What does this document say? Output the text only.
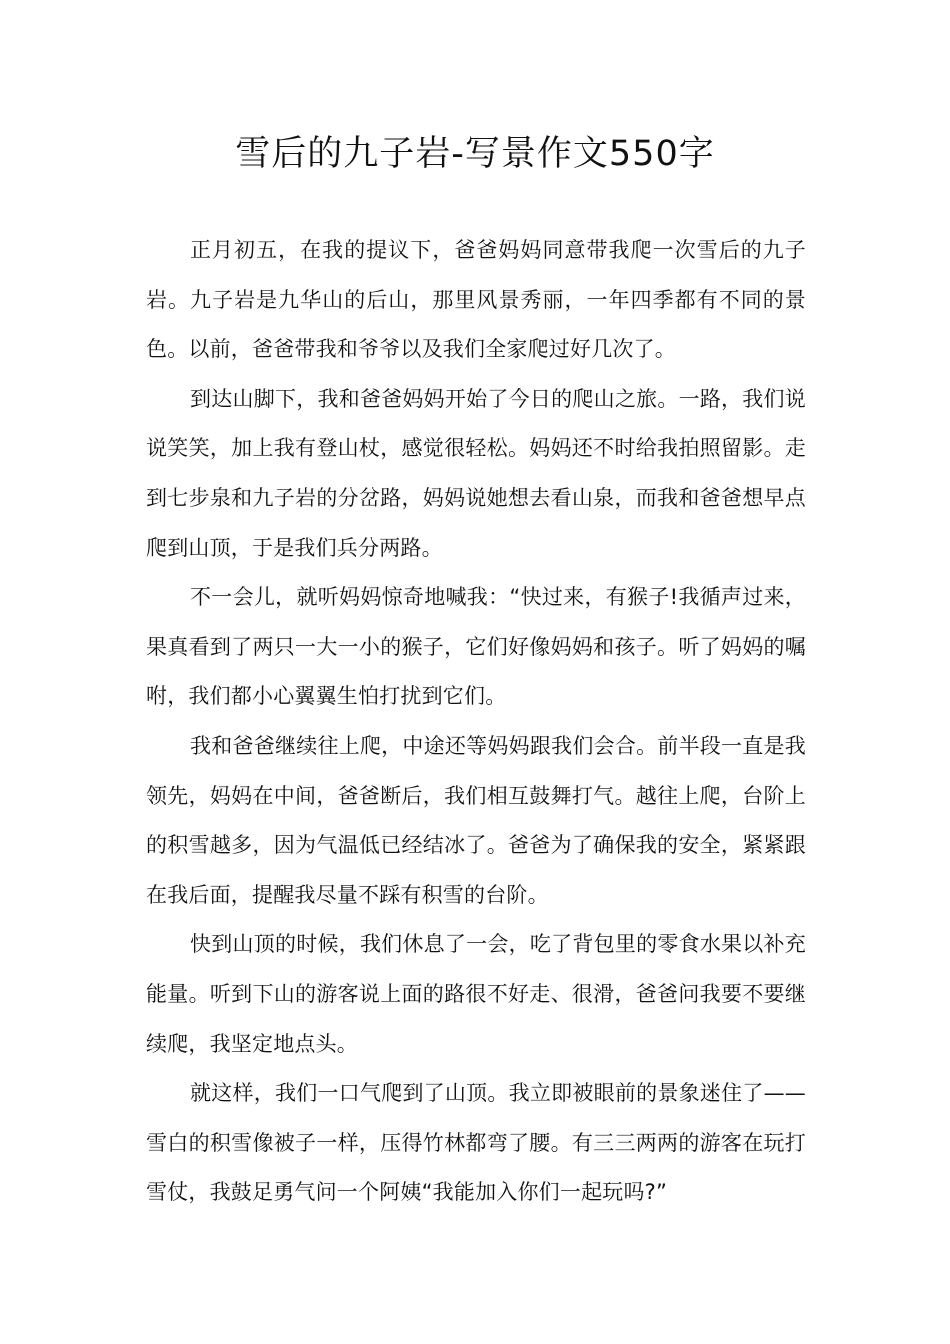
雪后的九子岩-写景作文550字

正月初五，在我的提议下，爸爸妈妈同意带我爬一次雪后的九子岩。九子岩是九华山的后山，那里风景秀丽，一年四季都有不同的景色。以前，爸爸带我和爷爷以及我们全家爬过好几次了。

到达山脚下，我和爸爸妈妈开始了今日的爬山之旅。一路，我们说说笑笑，加上我有登山杖，感觉很轻松。妈妈还不时给我拍照留影。走到七步泉和九子岩的分岔路，妈妈说她想去看山泉，而我和爸爸想早点爬到山顶，于是我们兵分两路。

不一会儿，就听妈妈惊奇地喊我：“快过来，有猴子!我循声过来，果真看到了两只一大一小的猴子，它们好像妈妈和孩子。听了妈妈的嘱咐，我们都小心翼翼生怕打扰到它们。

我和爸爸继续往上爬，中途还等妈妈跟我们会合。前半段一直是我领先，妈妈在中间，爸爸断后，我们相互鼓舞打气。越往上爬，台阶上的积雪越多，因为气温低已经结冰了。爸爸为了确保我的安全，紧紧跟在我后面，提醒我尽量不踩有积雪的台阶。

快到山顶的时候，我们休息了一会，吃了背包里的零食水果以补充能量。听到下山的游客说上面的路很不好走、很滑，爸爸问我要不要继续爬，我坚定地点头。

就这样，我们一口气爬到了山顶。我立即被眼前的景象迷住了——雪白的积雪像被子一样，压得竹林都弯了腰。有三三两两的游客在玩打雪仗，我鼓足勇气问一个阿姨“我能加入你们一起玩吗?”
